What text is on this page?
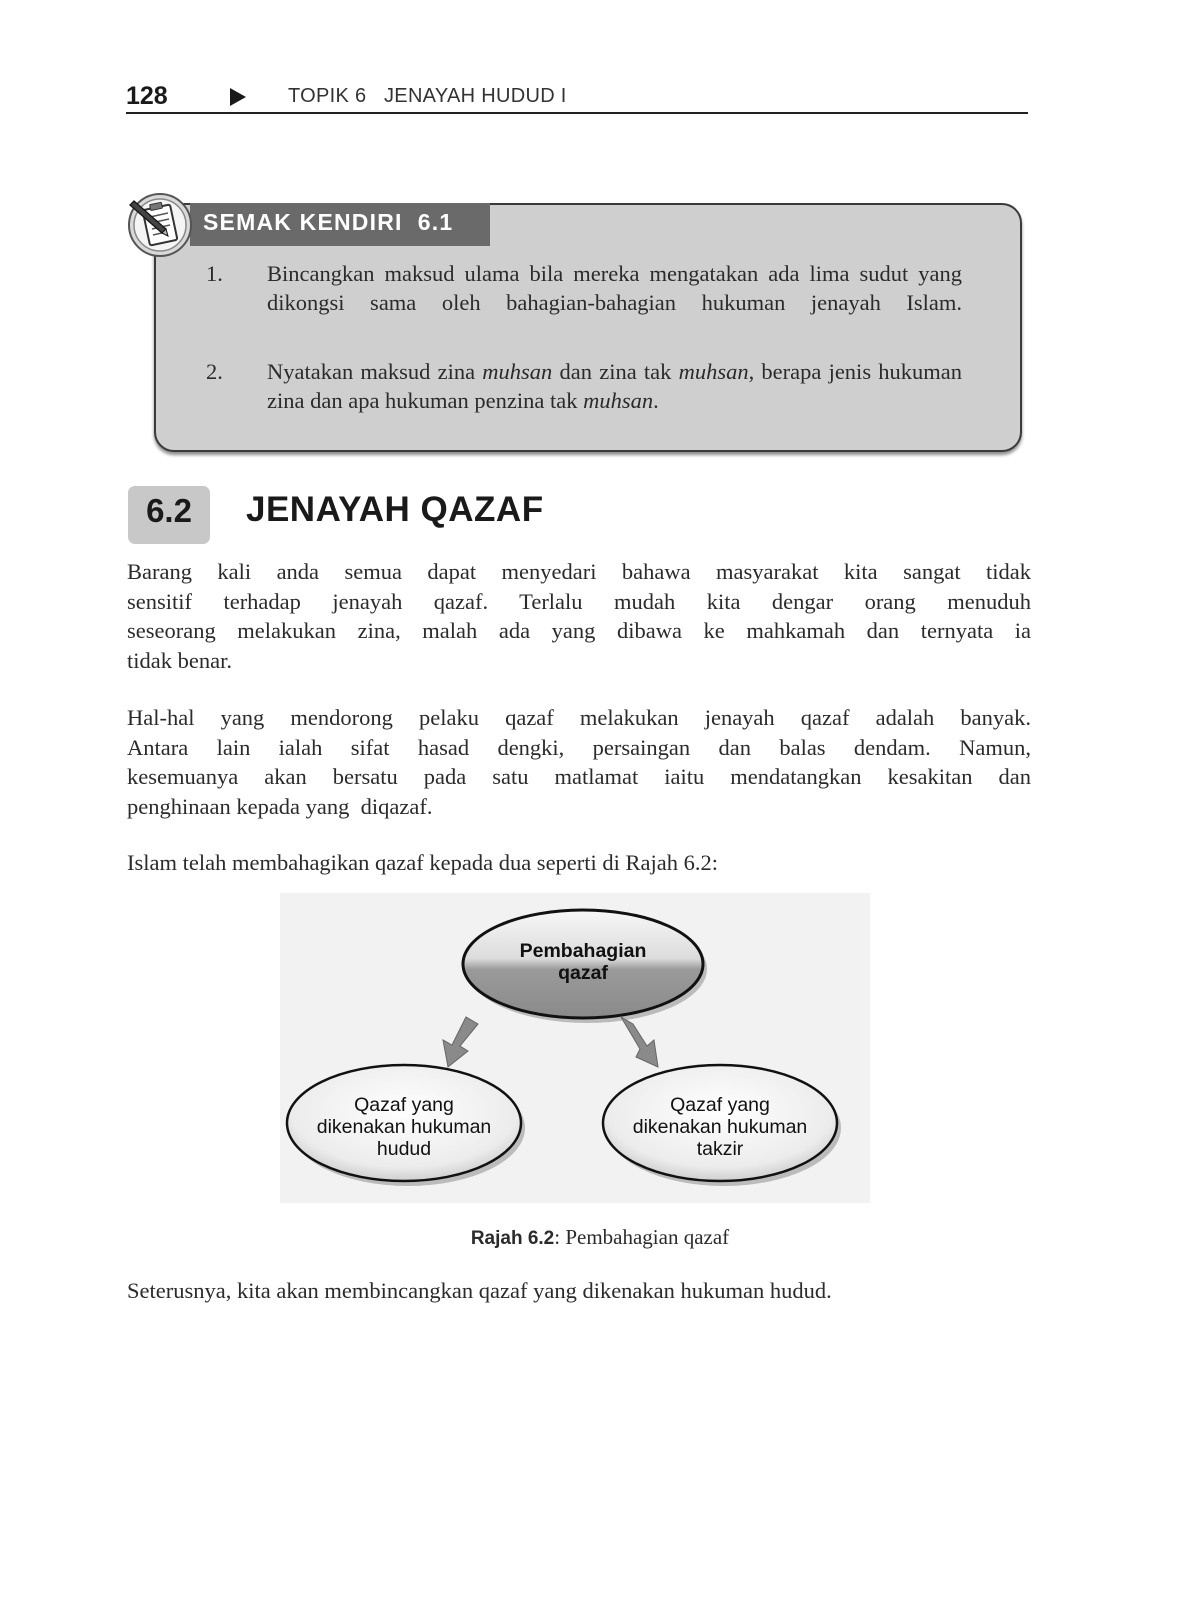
128	TOPIK 6   JENAYAH HUDUD I
SEMAK KENDIRI  6.1
1. Bincangkan maksud ulama bila mereka mengatakan ada lima sudut yang dikongsi sama oleh bahagian-bahagian hukuman jenayah Islam.
2. Nyatakan maksud zina muhsan dan zina tak muhsan, berapa jenis hukuman zina dan apa hukuman penzina tak muhsan.
6.2	JENAYAH QAZAF
Barang kali anda semua dapat menyedari bahawa masyarakat kita sangat tidak
sensitif terhadap jenayah qazaf. Terlalu mudah kita dengar orang menuduh
seseorang melakukan zina, malah ada yang dibawa ke mahkamah dan ternyata ia
tidak benar.
Hal-hal yang mendorong pelaku qazaf melakukan jenayah qazaf adalah banyak.
Antara lain ialah sifat hasad dengki, persaingan dan balas dendam. Namun,
kesemuanya akan bersatu pada satu matlamat iaitu mendatangkan kesakitan dan
penghinaan kepada yang  diqazaf.
Islam telah membahagikan qazaf kepada dua seperti di Rajah 6.2:
Pembahagian
qazaf
Qazaf yang
dikenakan hukuman
hudud
Qazaf yang
dikenakan hukuman
takzir
Rajah 6.2: Pembahagian qazaf
Seterusnya, kita akan membincangkan qazaf yang dikenakan hukuman hudud.
